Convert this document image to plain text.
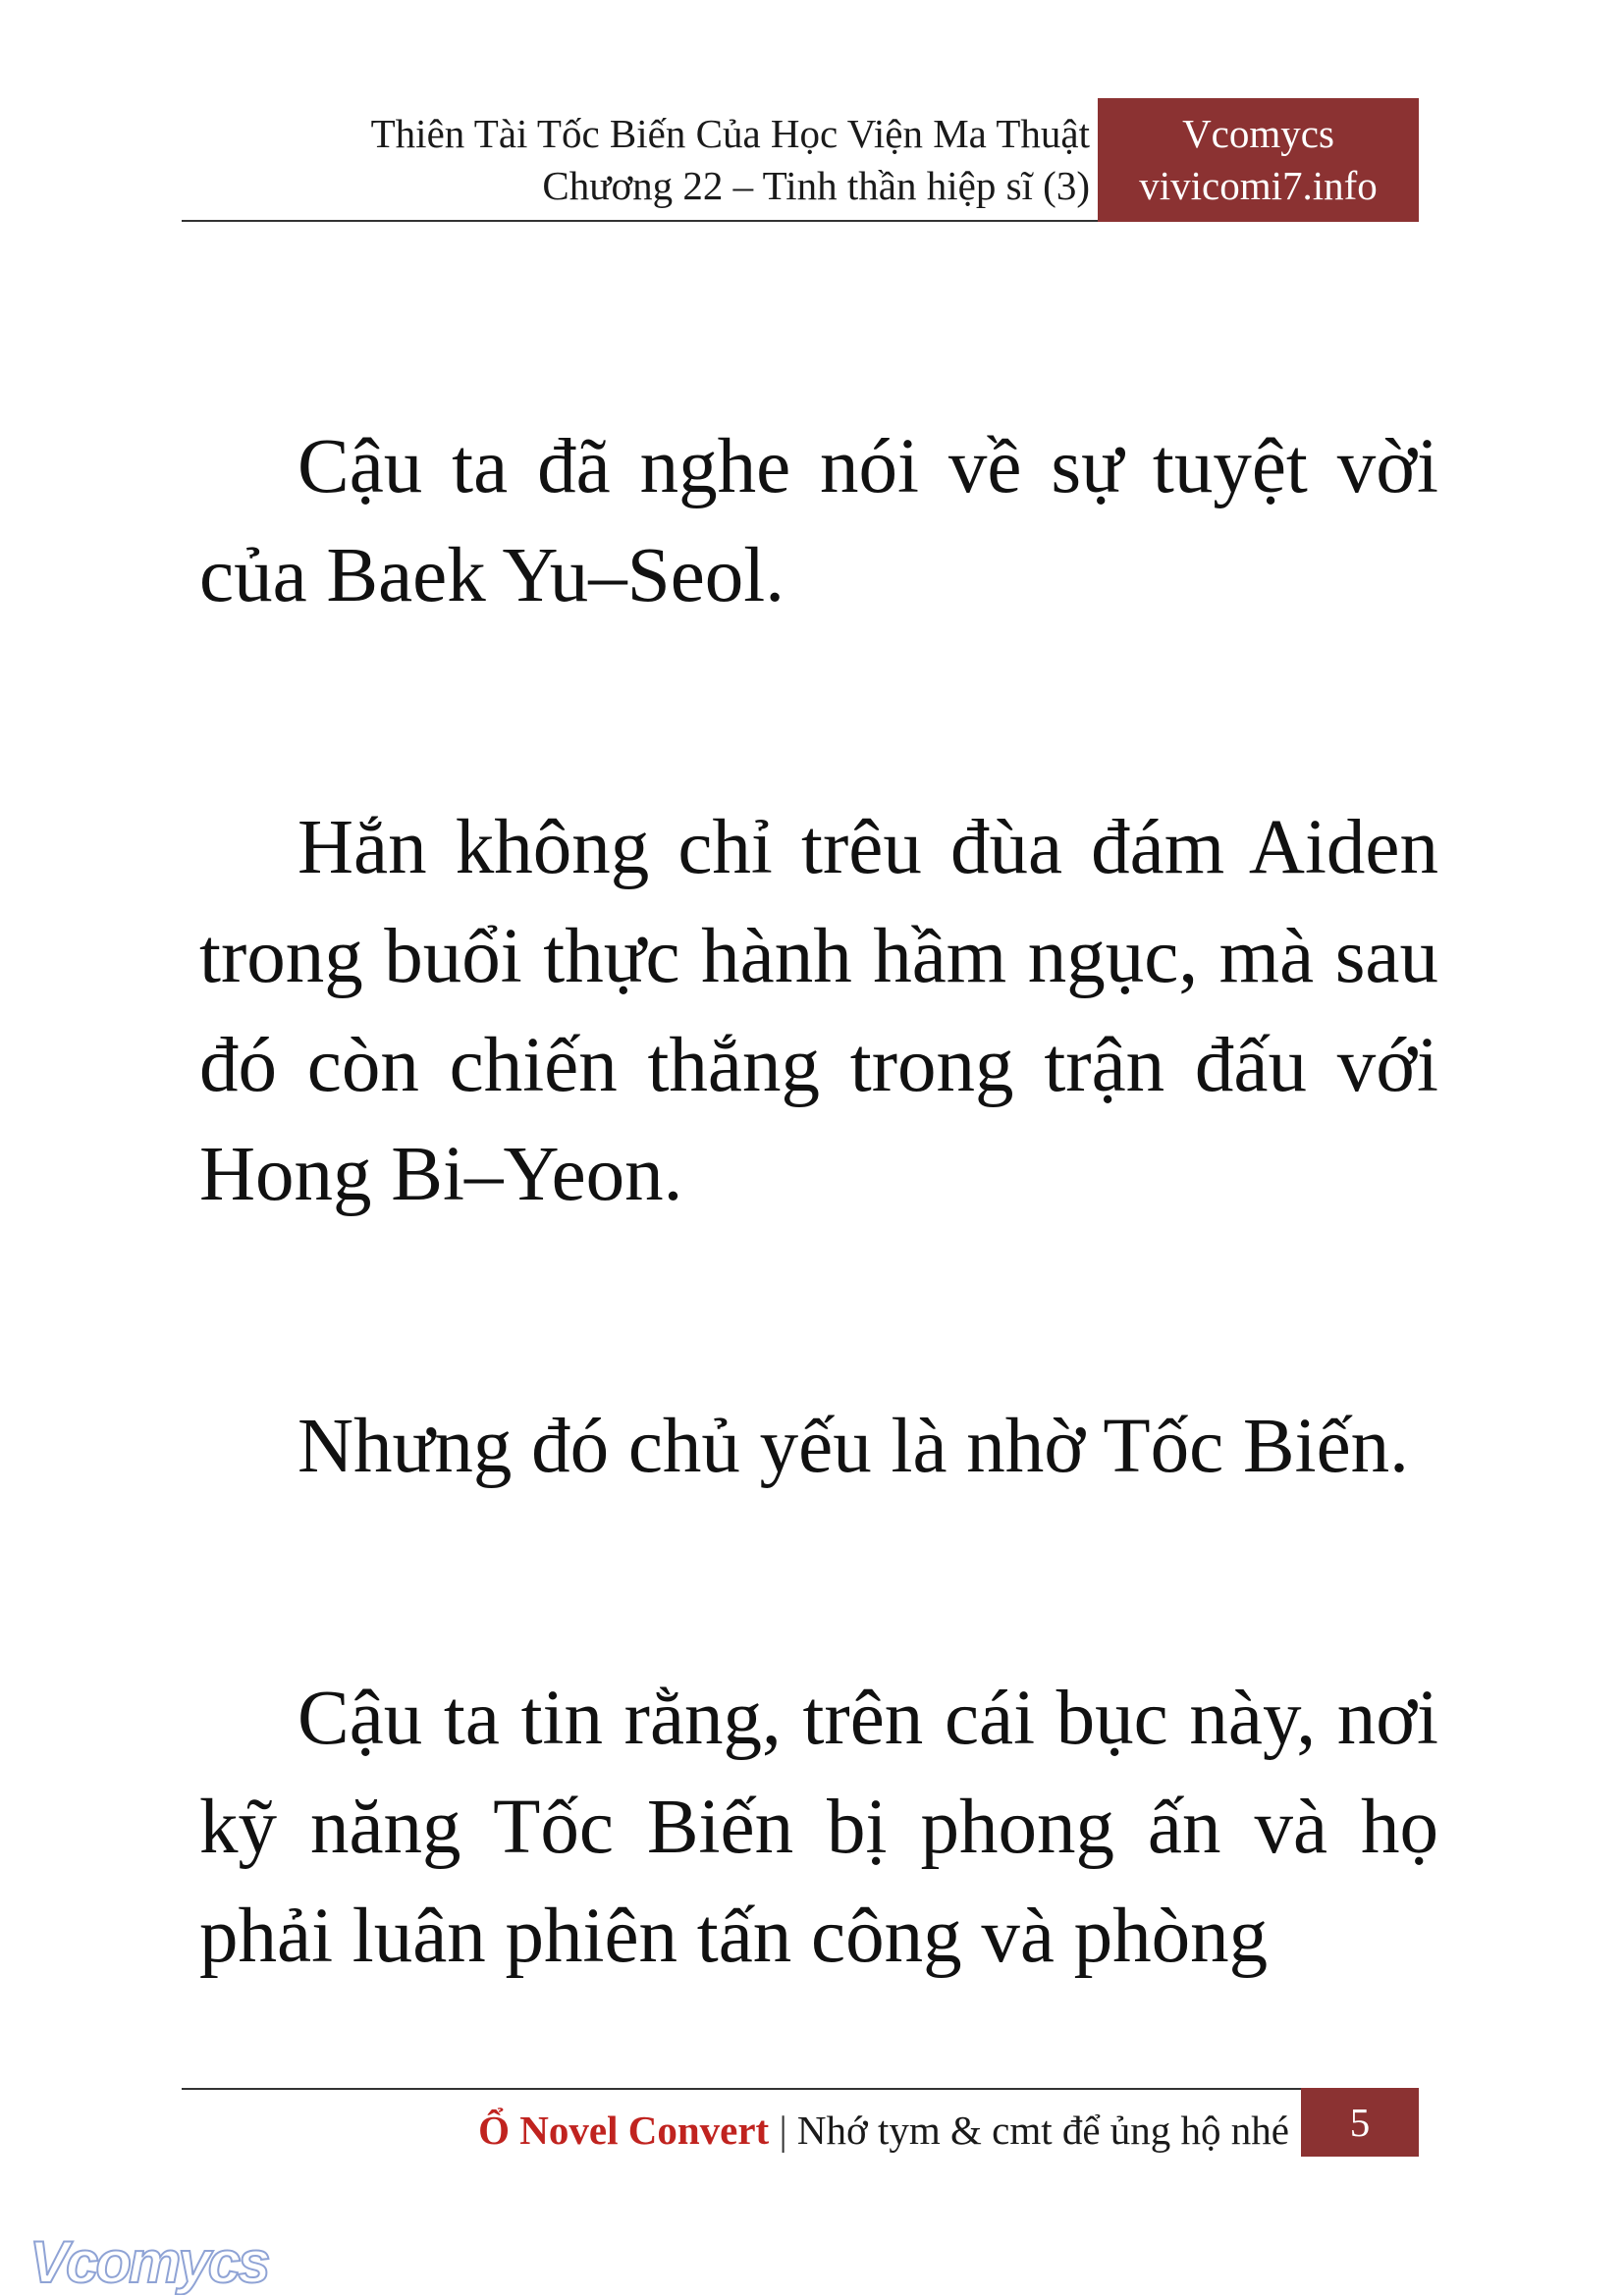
Thiên Tài Tốc Biến Của Học Viện Ma Thuật
Chương 22 – Tinh thần hiệp sĩ (3)
Vcomycs
vivicomi7.info

Cậu ta đã nghe nói về sự tuyệt vời của Baek Yu–Seol.

Hắn không chỉ trêu đùa đám Aiden trong buổi thực hành hầm ngục, mà sau đó còn chiến thắng trong trận đấu với Hong Bi–Yeon.

Nhưng đó chủ yếu là nhờ Tốc Biến.

Cậu ta tin rằng, trên cái bục này, nơi kỹ năng Tốc Biến bị phong ấn và họ phải luân phiên tấn công và phòng

Ổ Novel Convert | Nhớ tym & cmt để ủng hộ nhé	5
Vcomycs
